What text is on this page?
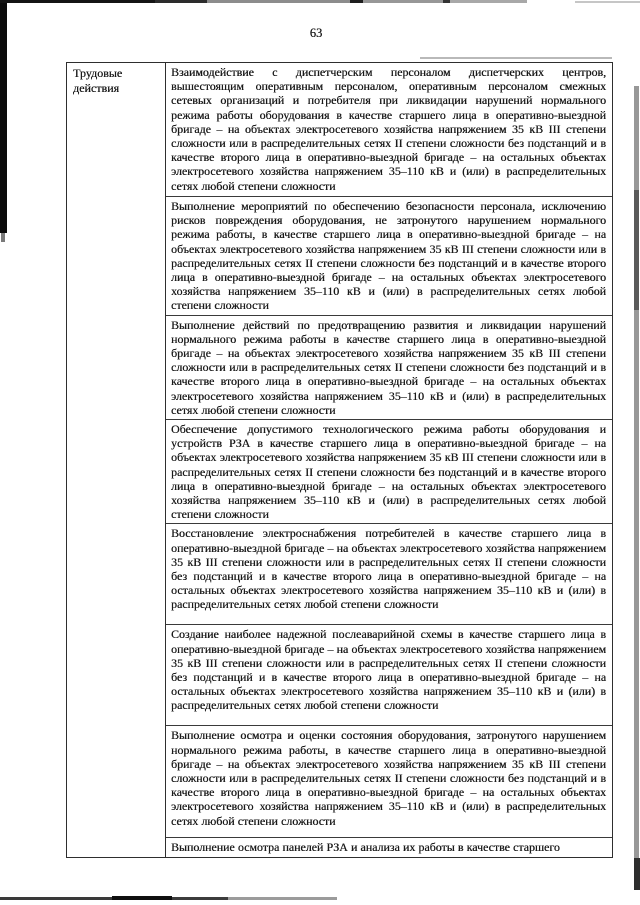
63
Трудовые действия
Взаимодействие с диспетчерским персоналом диспетчерских центров, вышестоящим оперативным персоналом, оперативным персоналом смежных сетевых организаций и потребителя при ликвидации нарушений нормального режима работы оборудования в качестве старшего лица в оперативно-выездной бригаде – на объектах электросетевого хозяйства напряжением 35 кВ III степени сложности или в распределительных сетях II степени сложности без подстанций и в качестве второго лица в оперативно-выездной бригаде – на остальных объектах электросетевого хозяйства напряжением 35–110 кВ и (или) в распределительных сетях любой степени сложности
Выполнение мероприятий по обеспечению безопасности персонала, исключению рисков повреждения оборудования, не затронутого нарушением нормального режима работы, в качестве старшего лица в оперативно-выездной бригаде – на объектах электросетевого хозяйства напряжением 35 кВ III степени сложности или в распределительных сетях II степени сложности без подстанций и в качестве второго лица в оперативно-выездной бригаде – на остальных объектах электросетевого хозяйства напряжением 35–110 кВ и (или) в распределительных сетях любой степени сложности
Выполнение действий по предотвращению развития и ликвидации нарушений нормального режима работы в качестве старшего лица в оперативно-выездной бригаде – на объектах электросетевого хозяйства напряжением 35 кВ III степени сложности или в распределительных сетях II степени сложности без подстанций и в качестве второго лица в оперативно-выездной бригаде – на остальных объектах электросетевого хозяйства напряжением 35–110 кВ и (или) в распределительных сетях любой степени сложности
Обеспечение допустимого технологического режима работы оборудования и устройств РЗА в качестве старшего лица в оперативно-выездной бригаде – на объектах электросетевого хозяйства напряжением 35 кВ III степени сложности или в распределительных сетях II степени сложности без подстанций и в качестве второго лица в оперативно-выездной бригаде – на остальных объектах электросетевого хозяйства напряжением 35–110 кВ и (или) в распределительных сетях любой степени сложности
Восстановление электроснабжения потребителей в качестве старшего лица в оперативно-выездной бригаде – на объектах электросетевого хозяйства напряжением 35 кВ III степени сложности или в распределительных сетях II степени сложности без подстанций и в качестве второго лица в оперативно-выездной бригаде – на остальных объектах электросетевого хозяйства напряжением 35–110 кВ и (или) в распределительных сетях любой степени сложности
Создание наиболее надежной послеаварийной схемы в качестве старшего лица в оперативно-выездной бригаде – на объектах электросетевого хозяйства напряжением 35 кВ III степени сложности или в распределительных сетях II степени сложности без подстанций и в качестве второго лица в оперативно-выездной бригаде – на остальных объектах электросетевого хозяйства напряжением 35–110 кВ и (или) в распределительных сетях любой степени сложности
Выполнение осмотра и оценки состояния оборудования, затронутого нарушением нормального режима работы, в качестве старшего лица в оперативно-выездной бригаде – на объектах электросетевого хозяйства напряжением 35 кВ III степени сложности или в распределительных сетях II степени сложности без подстанций и в качестве второго лица в оперативно-выездной бригаде – на остальных объектах электросетевого хозяйства напряжением 35–110 кВ и (или) в распределительных сетях любой степени сложности
Выполнение осмотра панелей РЗА и анализа их работы в качестве старшего
